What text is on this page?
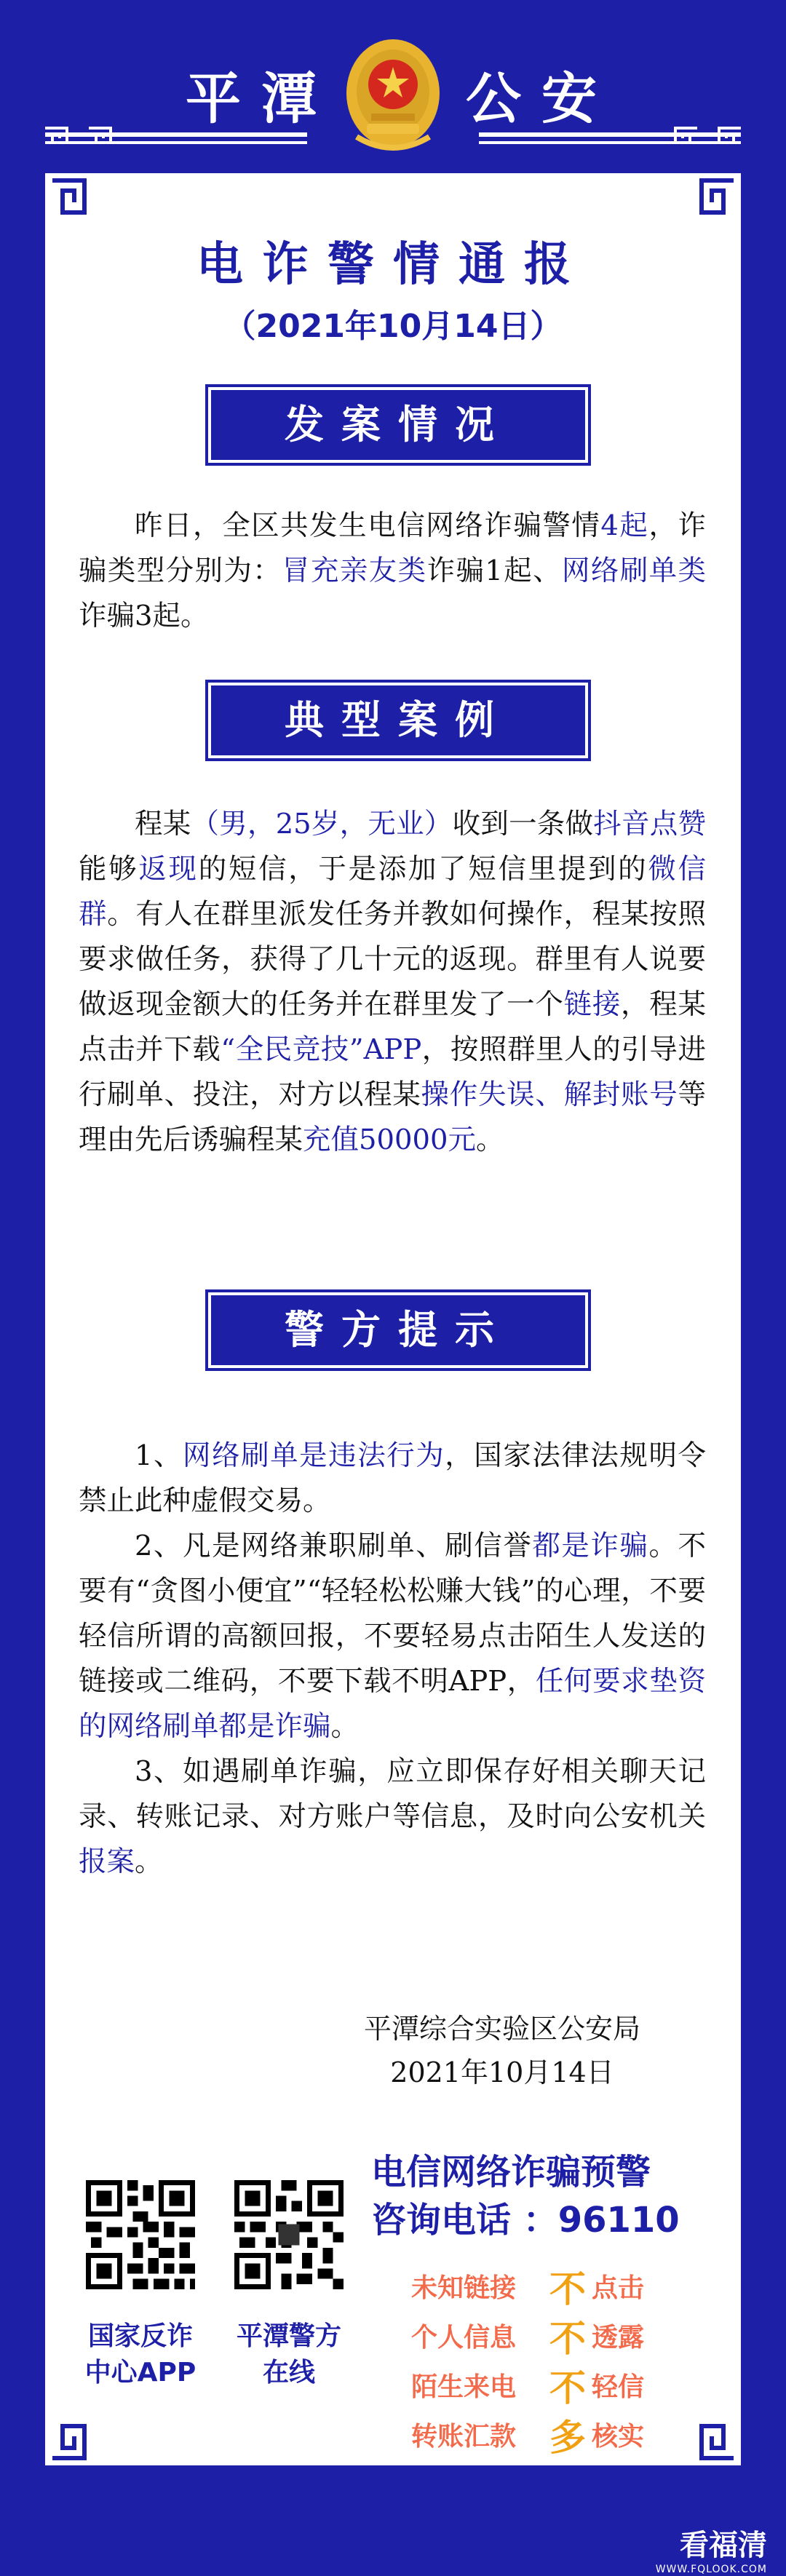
平潭 公安
电诈警情通报
（2021年10月14日）
发案情况

昨日，全区共发生电信网络诈骗警情4起，诈骗类型分别为：冒充亲友类诈骗1起、网络刷单类诈骗3起。

典型案例

程某（男，25岁，无业）收到一条做抖音点赞能够返现的短信，于是添加了短信里提到的微信群。有人在群里派发任务并教如何操作，程某按照要求做任务，获得了几十元的返现。群里有人说要做返现金额大的任务并在群里发了一个链接，程某点击并下载“全民竞技”APP，按照群里人的引导进行刷单、投注，对方以程某操作失误、解封账号等理由先后诱骗程某充值50000元。

警方提示

1、网络刷单是违法行为，国家法律法规明令禁止此种虚假交易。

2、凡是网络兼职刷单、刷信誉都是诈骗。不要有“贪图小便宜”“轻轻松松赚大钱”的心理，不要轻信所谓的高额回报，不要轻易点击陌生人发送的链接或二维码，不要下载不明APP，任何要求垫资的网络刷单都是诈骗。

3、如遇刷单诈骗，应立即保存好相关聊天记录、转账记录、对方账户等信息，及时向公安机关报案。

平潭综合实验区公安局
2021年10月14日
国家反诈
中心APP
平潭警方
在线
电信网络诈骗预警
咨询电话 ：96110
未知链接 不 点击
个人信息 不 透露
陌生来电 不 轻信
转账汇款 多 核实
看福清
WWW.FQLOOK.COM
